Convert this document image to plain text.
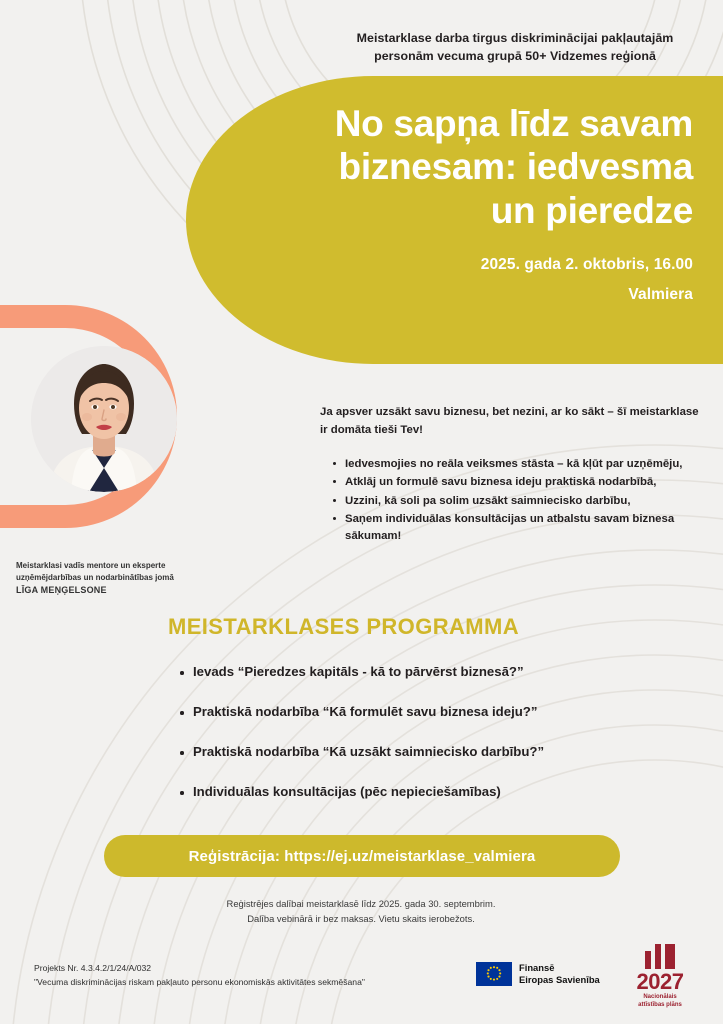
Meistarklase darba tirgus diskriminācijai pakļautajām personām vecuma grupā 50+ Vidzemes reģionā
No sapņa līdz savam biznesam: iedvesma un pieredze
2025. gada 2. oktobris, 16.00
Valmiera
Meistarklasi vadīs mentore un eksperte
uzņēmējdarbības un nodarbinātības jomā
LĪGA MEŅĢELSONE
Ja apsver uzsākt savu biznesu, bet nezini, ar ko sākt – šī meistarklase ir domāta tieši Tev!
Iedvesmojies no reāla veiksmes stāsta – kā kļūt par uzņēmēju,
Atklāj un formulē savu biznesa ideju praktiskā nodarbībā,
Uzzini, kā soli pa solim uzsākt saimniecisko darbību,
Saņem individuālas konsultācijas un atbalstu savam biznesa sākumam!
MEISTARKLASES PROGRAMMA
Ievads “Pieredzes kapitāls - kā to pārvērst biznesā?”
Praktiskā nodarbība “Kā formulēt savu biznesa ideju?”
Praktiskā nodarbība “Kā uzsākt saimniecisko darbību?”
Individuālas konsultācijas (pēc nepieciešamības)
Reģistrācija: https://ej.uz/meistarklase_valmiera
Reģistrējes dalībai meistarklasē līdz 2025. gada 30. septembrim.
Dalība vebinārā ir bez maksas. Vietu skaits ierobežots.
Projekts Nr. 4.3.4.2/1/24/A/032
"Vecuma diskriminācijas riskam pakļauto personu ekonomiskās aktivitātes sekmēšana"
Finansē
Eiropas Savienība	2027
Nacionālais
attīstības plāns
